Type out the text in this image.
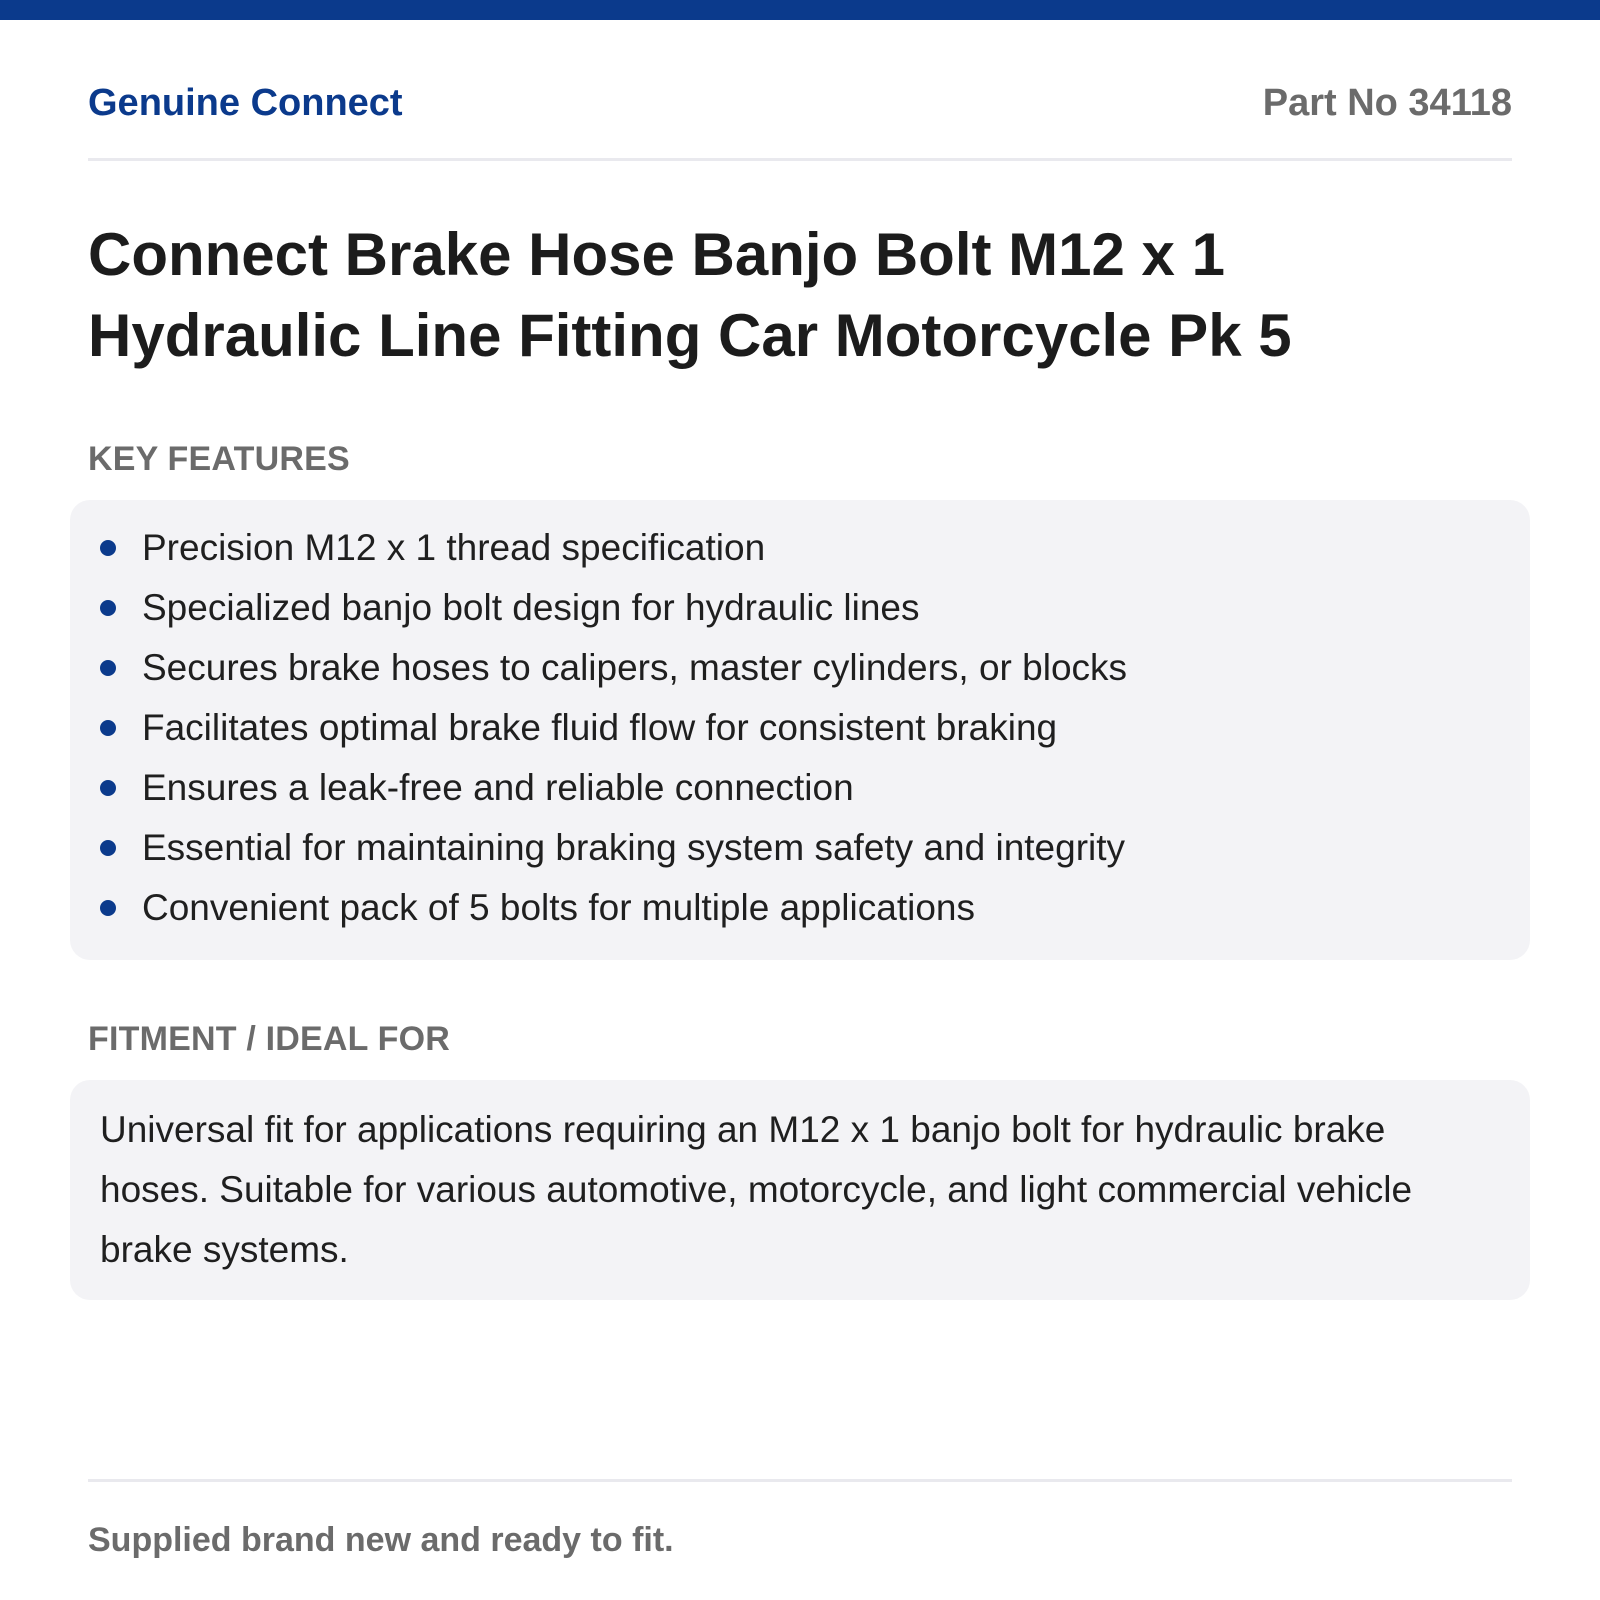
Genuine Connect	Part No 34118
Connect Brake Hose Banjo Bolt M12 x 1 Hydraulic Line Fitting Car Motorcycle Pk 5
KEY FEATURES
Precision M12 x 1 thread specification
Specialized banjo bolt design for hydraulic lines
Secures brake hoses to calipers, master cylinders, or blocks
Facilitates optimal brake fluid flow for consistent braking
Ensures a leak-free and reliable connection
Essential for maintaining braking system safety and integrity
Convenient pack of 5 bolts for multiple applications
FITMENT / IDEAL FOR

Universal fit for applications requiring an M12 x 1 banjo bolt for hydraulic brake hoses. Suitable for various automotive, motorcycle, and light commercial vehicle brake systems.

Supplied brand new and ready to fit.
